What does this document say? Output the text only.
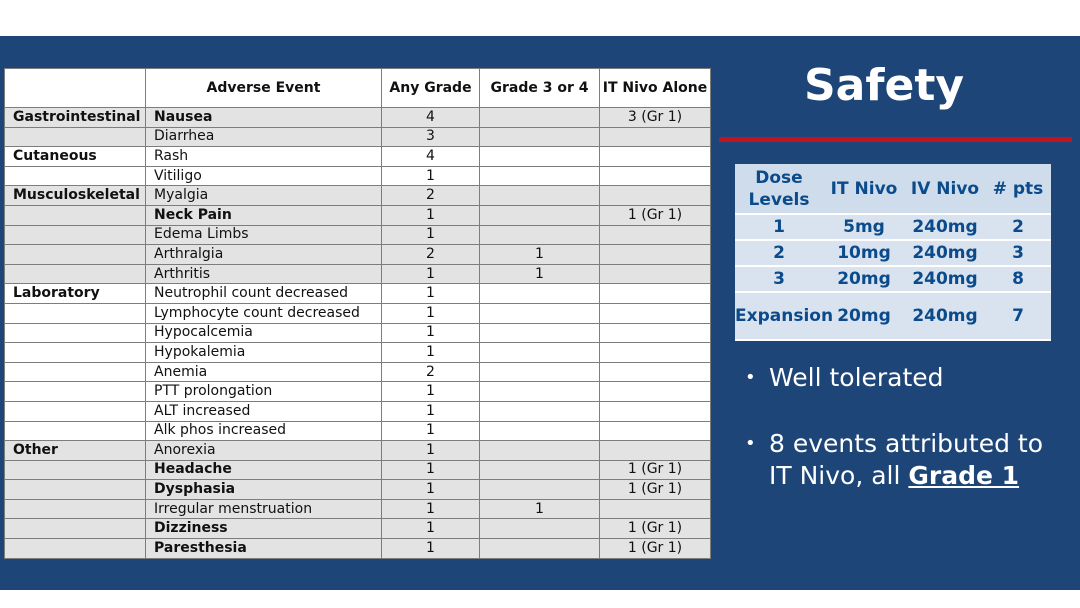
	Adverse Event	Any Grade	Grade 3 or 4	IT Nivo Alone
Gastrointestinal	Nausea	4		3 (Gr 1)
	Diarrhea	3		
Cutaneous	Rash	4		
	Vitiligo	1		
Musculoskeletal	Myalgia	2		
	Neck Pain	1		1 (Gr 1)
	Edema Limbs	1		
	Arthralgia	2	1	
	Arthritis	1	1	
Laboratory	Neutrophil count decreased	1		
	Lymphocyte count decreased	1		
	Hypocalcemia	1		
	Hypokalemia	1		
	Anemia	2		
	PTT prolongation	1		
	ALT increased	1		
	Alk phos increased	1		
Other	Anorexia	1		
	Headache	1		1 (Gr 1)
	Dysphasia	1		1 (Gr 1)
	Irregular menstruation	1	1	
	Dizziness	1		1 (Gr 1)
	Paresthesia	1		1 (Gr 1)
Safety
Dose Levels	IT Nivo	IV Nivo	# pts
1	5mg	240mg	2
2	10mg	240mg	3
3	20mg	240mg	8
Expansion	20mg	240mg	7
• Well tolerated
• 8 events attributed to IT Nivo, all Grade 1
